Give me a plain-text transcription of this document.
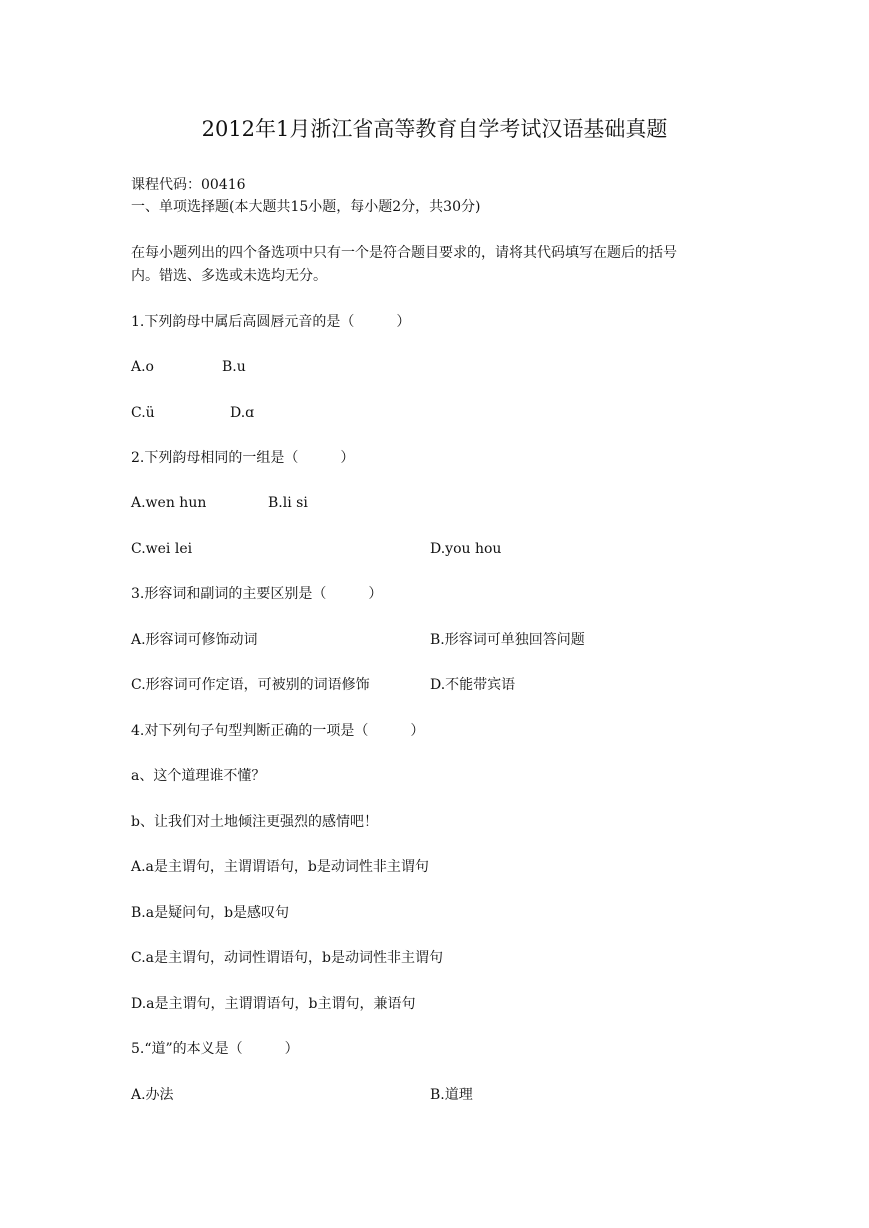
2012年1月浙江省高等教育自学考试汉语基础真题
课程代码：00416
一、单项选择题(本大题共15小题，每小题2分，共30分)
在每小题列出的四个备选项中只有一个是符合题目要求的，请将其代码填写在题后的括号
内。错选、多选或未选均无分。
1.下列韵母中属后高圆唇元音的是（　　　）
A.o	B.u
C.ü	D.ɑ
2.下列韵母相同的一组是（　　　）
A.wen hun	B.li si
C.wei lei	D.you hou
3.形容词和副词的主要区别是（　　　）
A.形容词可修饰动词	B.形容词可单独回答问题
C.形容词可作定语，可被别的词语修饰	D.不能带宾语
4.对下列句子句型判断正确的一项是（　　　）
a、这个道理谁不懂？
b、让我们对土地倾注更强烈的感情吧！
A.a是主谓句，主谓谓语句，b是动词性非主谓句
B.a是疑问句，b是感叹句
C.a是主谓句，动词性谓语句，b是动词性非主谓句
D.a是主谓句，主谓谓语句，b主谓句，兼语句
5.“道”的本义是（　　　）
A.办法	B.道理
